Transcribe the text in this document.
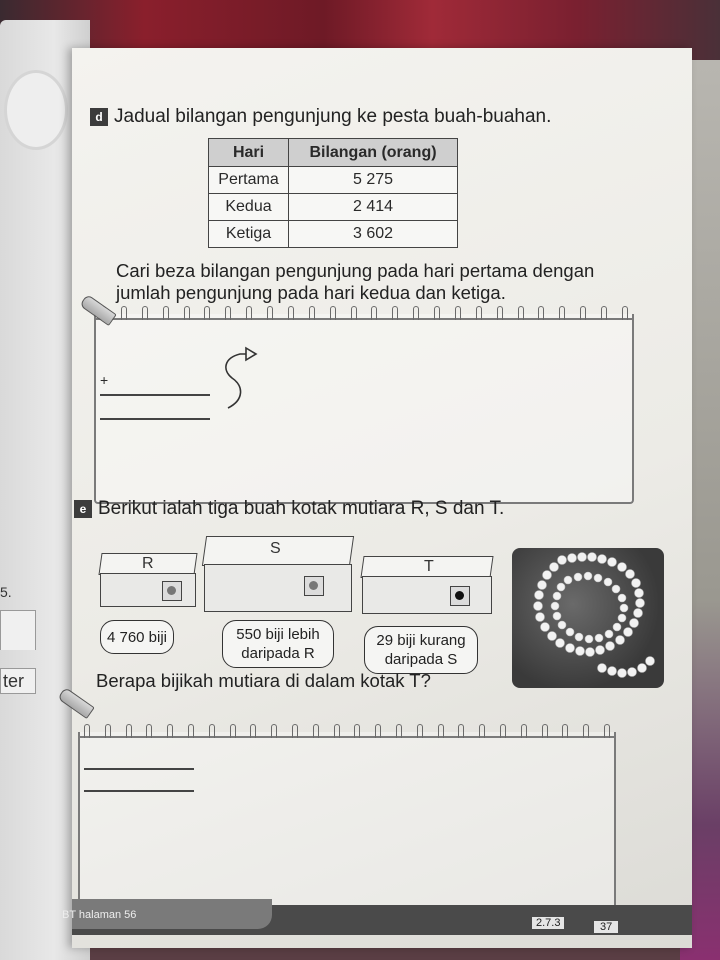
ter
5.
d Jadual bilangan pengunjung ke pesta buah-buahan.
Hari	Bilangan (orang)
Pertama	5 275
Kedua	2 414
Ketiga	3 602
Cari beza bilangan pengunjung pada hari pertama dengan
jumlah pengunjung pada hari kedua dan ketiga.
+
e Berikut ialah tiga buah kotak mutiara R, S dan T.
R
S
T
4 760 biji	550 biji lebih
daripada R
29 biji kurang
daripada S
Berapa bijikah mutiara di dalam kotak T?
BT halaman 56
2.7.3	37
